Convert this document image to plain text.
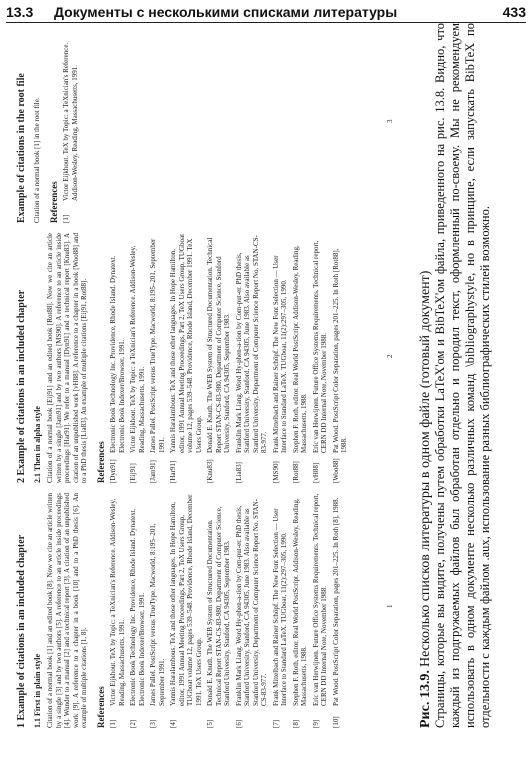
13.3 Документы с несколькими списками литературы	433
1 Example of citations in an included chapter 1.1 First in plain style Citation of a normal book [1] and an edited book [8]. Now we cite an article written by a single [3] and by two authors [5]. A reference to an article inside proceedings [4]. Wunder to a manual [2] and a technical report [3]. A citation of an unpublished work [9]. A reference to a chapter in a book [10] and to a PhD thesis [6]. An example of multiple citations [1, 8]. References [1]
Victor Eijkhout. TeX by Topic: a TeXnician's Reference. Addison-Wesley, Reading, Massachusetts, 1991.
[2]
Electronic Book Technology Inc. Providence, Rhode Island. Dynatext. Electronic Book Indexer/Browser, 1991.
[3]
James Pallel. PostScript versus TrueType. Macworld, 8:195–201, September 1991.
[4]
Yannis Haralambous. TeX and those other languages. In Hope Hamilton, editor, 1991 Annual Meeting Proceedings, Part 2, TeX Users Group, TUGboat volume 12, pages 539–548. Providence, Rhode Island, December 1991. TeX Users Group.
[5]
Donald E. Knuth. The WEB System of Structured Documentation. Technical Report STAN-CS-83-980, Department of Computer Science, Stanford University, Stanford, CA 94305, September 1983.
[6]
Franklin Mark Liang. Word Hy-phen-a-tion by Com-put-er. PhD thesis, Stanford University, Stanford, CA 94305, June 1983. Also available as Stanford University, Department of Computer Science Report No. STAN-CS-83-977.
[7]
Frank Mittelbach and Rainer Schöpf. The New Font Selection — User Interface to Standard LaTeX. TUGboat, 11(2):297–305, 1990.
[8]
Stephen F. Roth, editor. Real World PostScript. Addison-Wesley, Reading, Massachusetts, 1988.
[9]
Eric van Herwijnen. Future Office Systems Requirements. Technical report, CERN DD Internal Note, November 1988.
[10]
Pat Wood. PostScript Color Separation, pages 201–225. In Roth [8], 1988.	1
2 Example of citations in an included chapter 2.1 Then in alpha style Citation of a normal book [Eij91] and an edited book [Rot88]. Now we cite an article written by a single [Jam91] and by two authors [MS90]. A reference to an article inside proceedings [Har91]. We refer to a manual [Dyn91] and a technical report [Knu83]. A citation of an unpublished work [vH88]. A reference to a chapter in a book [Woo88] and to a PhD thesis [Lia83]. An example of multiple citations [Eij91, Rot88]. References [Dyn91]
Electronic Book Technology Inc. Providence, Rhode Island. Dynatext. Electronic Book Indexer/Browser, 1991.
[Eij91]
Victor Eijkhout. TeX by Topic: a TeXnician's Reference. Addison-Wesley, Reading, Massachusetts, 1991.
[Jam91]
James Pallel. PostScript versus TrueType. Macworld, 8:195–201, September 1991.
[Har91]
Yannis Haralambous. TeX and those other languages. In Hope Hamilton, editor, 1991 Annual Meeting Proceedings, Part 2, TeX Users Group, TUGboat volume 12, pages 539–548. Providence, Rhode Island, December 1991. TeX Users Group.
[Knu83]
Donald E. Knuth. The WEB System of Structured Documentation. Technical Report STAN-CS-83-980, Department of Computer Science, Stanford University, Stanford, CA 94305, September 1983.
[Lia83]
Franklin Mark Liang. Word Hy-phen-a-tion by Com-put-er. PhD thesis, Stanford University, Stanford, CA 94305, June 1983. Also available as Stanford University, Department of Computer Science Report No. STAN-CS-83-977.
[MS90]
Frank Mittelbach and Rainer Schöpf. The New Font Selection — User Interface to Standard LaTeX. TUGboat, 11(2):297–305, 1990.
[Rot88]
Stephen F. Roth, editor. Real World PostScript. Addison-Wesley, Reading, Massachusetts, 1988.
[vH88]
Eric van Herwijnen. Future Office Systems Requirements. Technical report, CERN DD Internal Note, November 1988.
[Woo88]
Pat Wood. PostScript Color Separation, pages 201–225. In Roth [Rot88], 1988.
2
Example of citations in the root file Citation of a normal book [1] in the root file. References [1]
Victor Eijkhout. TeX by Topic: a TeXnician's Reference. Addison-Wesley, Reading, Massachusetts, 1991.	3
Рис. 13.9. Несколько списков литературы в одном файле (готовый документ)
Страницы, которые вы видите, получены путем обработки LaTeX'ом и BibTeX'ом файла, приведенного на рис. 13.8. Видно, что каждый из подгружаемых файлов был обработан отдельно и породил текст, оформленный по-своему. Мы не рекомендуем использовать в одном документе несколько различных команд \bibliographystyle, но в принципе, если запускать BibTeX по отдельности с каждым файлом .aux, использование разных библиографических стилей возможно.
